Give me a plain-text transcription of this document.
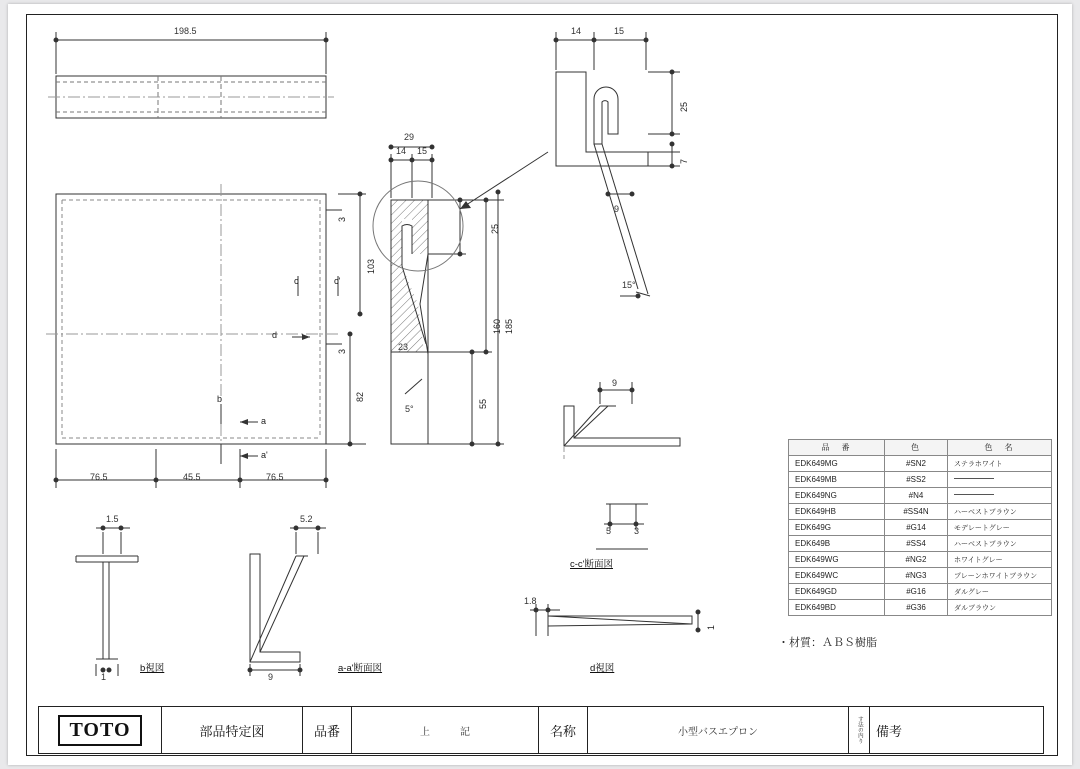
198.5
29
14 15
14	15
25
25
7
9
15°
103
160 185
82
55
23
3
3
5°
76.5	45.5	76.5
9
5	3
1.5
1
5.2
9
1.8
1
a
a'
b
c	c'
d
b視図	a-a'断面図
c-c'断面図
d視図
品　番	色	色　名
EDK649MG	#SN2	ステラホワイト
EDK649MB	#SS2	
EDK649NG	#N4	
EDK649HB	#SS4N	ハーベストブラウン
EDK649G	#G14	モデレートグレー
EDK649B	#SS4	ハーベストブラウン
EDK649WG	#NG2	ホワイトグレー
EDK649WC	#NG3	プレーンホワイトブラウン
EDK649GD	#G16	ダルグレー
EDK649BD	#G36	ダルブラウン
・材質：ＡＢＳ樹脂
TOTO	部品特定図	品番	上　　　記	名称	小型バスエプロン	す法の内り	備考
